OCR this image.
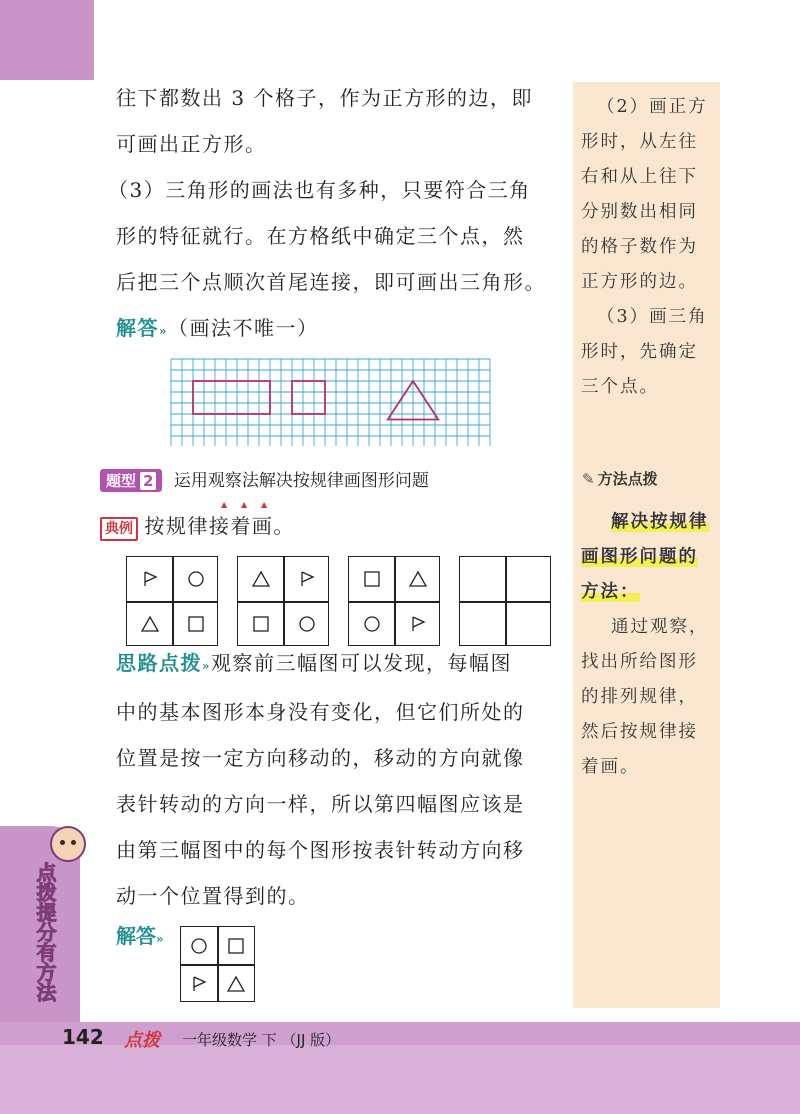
点拨提分有方法

（2）画正方

形时，从左往

右和从上往下

分别数出相同

的格子数作为

正方形的边。

（3）画三角

形时，先确定

三个点。

✎ 方法点拨

解决按规律

画图形问题的

方法：

通过观察，

找出所给图形

的排列规律，

然后按规律接

着画。

往下都数出 3 个格子，作为正方形的边，即

可画出正方形。

（3）三角形的画法也有多种，只要符合三角

形的特征就行。在方格纸中确定三个点，然

后把三个点顺次首尾连接，即可画出三角形。

解答»（画法不唯一）

题型 2 运用观察法解决按规律画图形问题
▲ ▲ ▲
典例 按规律接着画。

思路点拨»观察前三幅图可以发现，每幅图

中的基本图形本身没有变化，但它们所处的

位置是按一定方向移动的，移动的方向就像

表针转动的方向一样，所以第四幅图应该是

由第三幅图中的每个图形按表针转动方向移

动一个位置得到的。

解答»
142 点拨 一年级数学 下 （JJ 版）
